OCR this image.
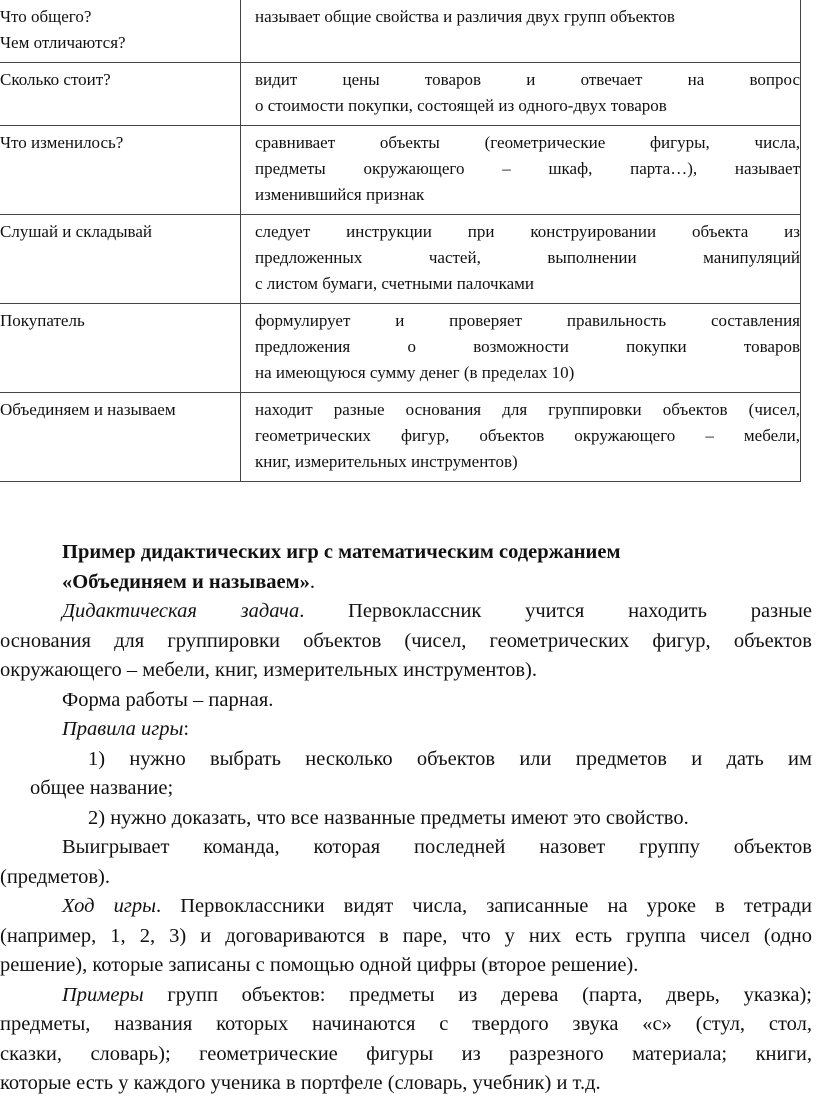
Что общего?
Чем отличаются?	называет общие свойства и различия двух групп объектов

Сколько стоит?	видит цены товаров и отвечает на вопрос
о стоимости покупки, состоящей из одного-двух товаров

Что изменилось?	сравнивает объекты (геометрические фигуры, числа,
предметы окружающего – шкаф, парта…), называет
изменившийся признак

Слушай и складывай	следует инструкции при конструировании объекта из
предложенных частей, выполнении манипуляций
с листом бумаги, счетными палочками

Покупатель	формулирует и проверяет правильность составления
предложения о возможности покупки товаров
на имеющуюся сумму денег (в пределах 10)

Объединяем и называем	находит разные основания для группировки объектов (чисел,
геометрических фигур, объектов окружающего – мебели,
книг, измерительных инструментов)

Пример дидактических игр с математическим содержанием
«Объединяем и называем».

Дидактическая задача. Первоклассник учится находить разные
основания для группировки объектов (чисел, геометрических фигур, объектов
окружающего – мебели, книг, измерительных инструментов).

Форма работы – парная.

Правила игры:

1) нужно выбрать несколько объектов или предметов и дать им
общее название;

2) нужно доказать, что все названные предметы имеют это свойство.

Выигрывает команда, которая последней назовет группу объектов
(предметов).

Ход игры. Первоклассники видят числа, записанные на уроке в тетради
(например, 1, 2, 3) и договариваются в паре, что у них есть группа чисел (одно
решение), которые записаны с помощью одной цифры (второе решение).

Примеры групп объектов: предметы из дерева (парта, дверь, указка);
предметы, названия которых начинаются с твердого звука «с» (стул, стол,
сказки, словарь); геометрические фигуры из разрезного материала; книги,
которые есть у каждого ученика в портфеле (словарь, учебник) и т.д.
